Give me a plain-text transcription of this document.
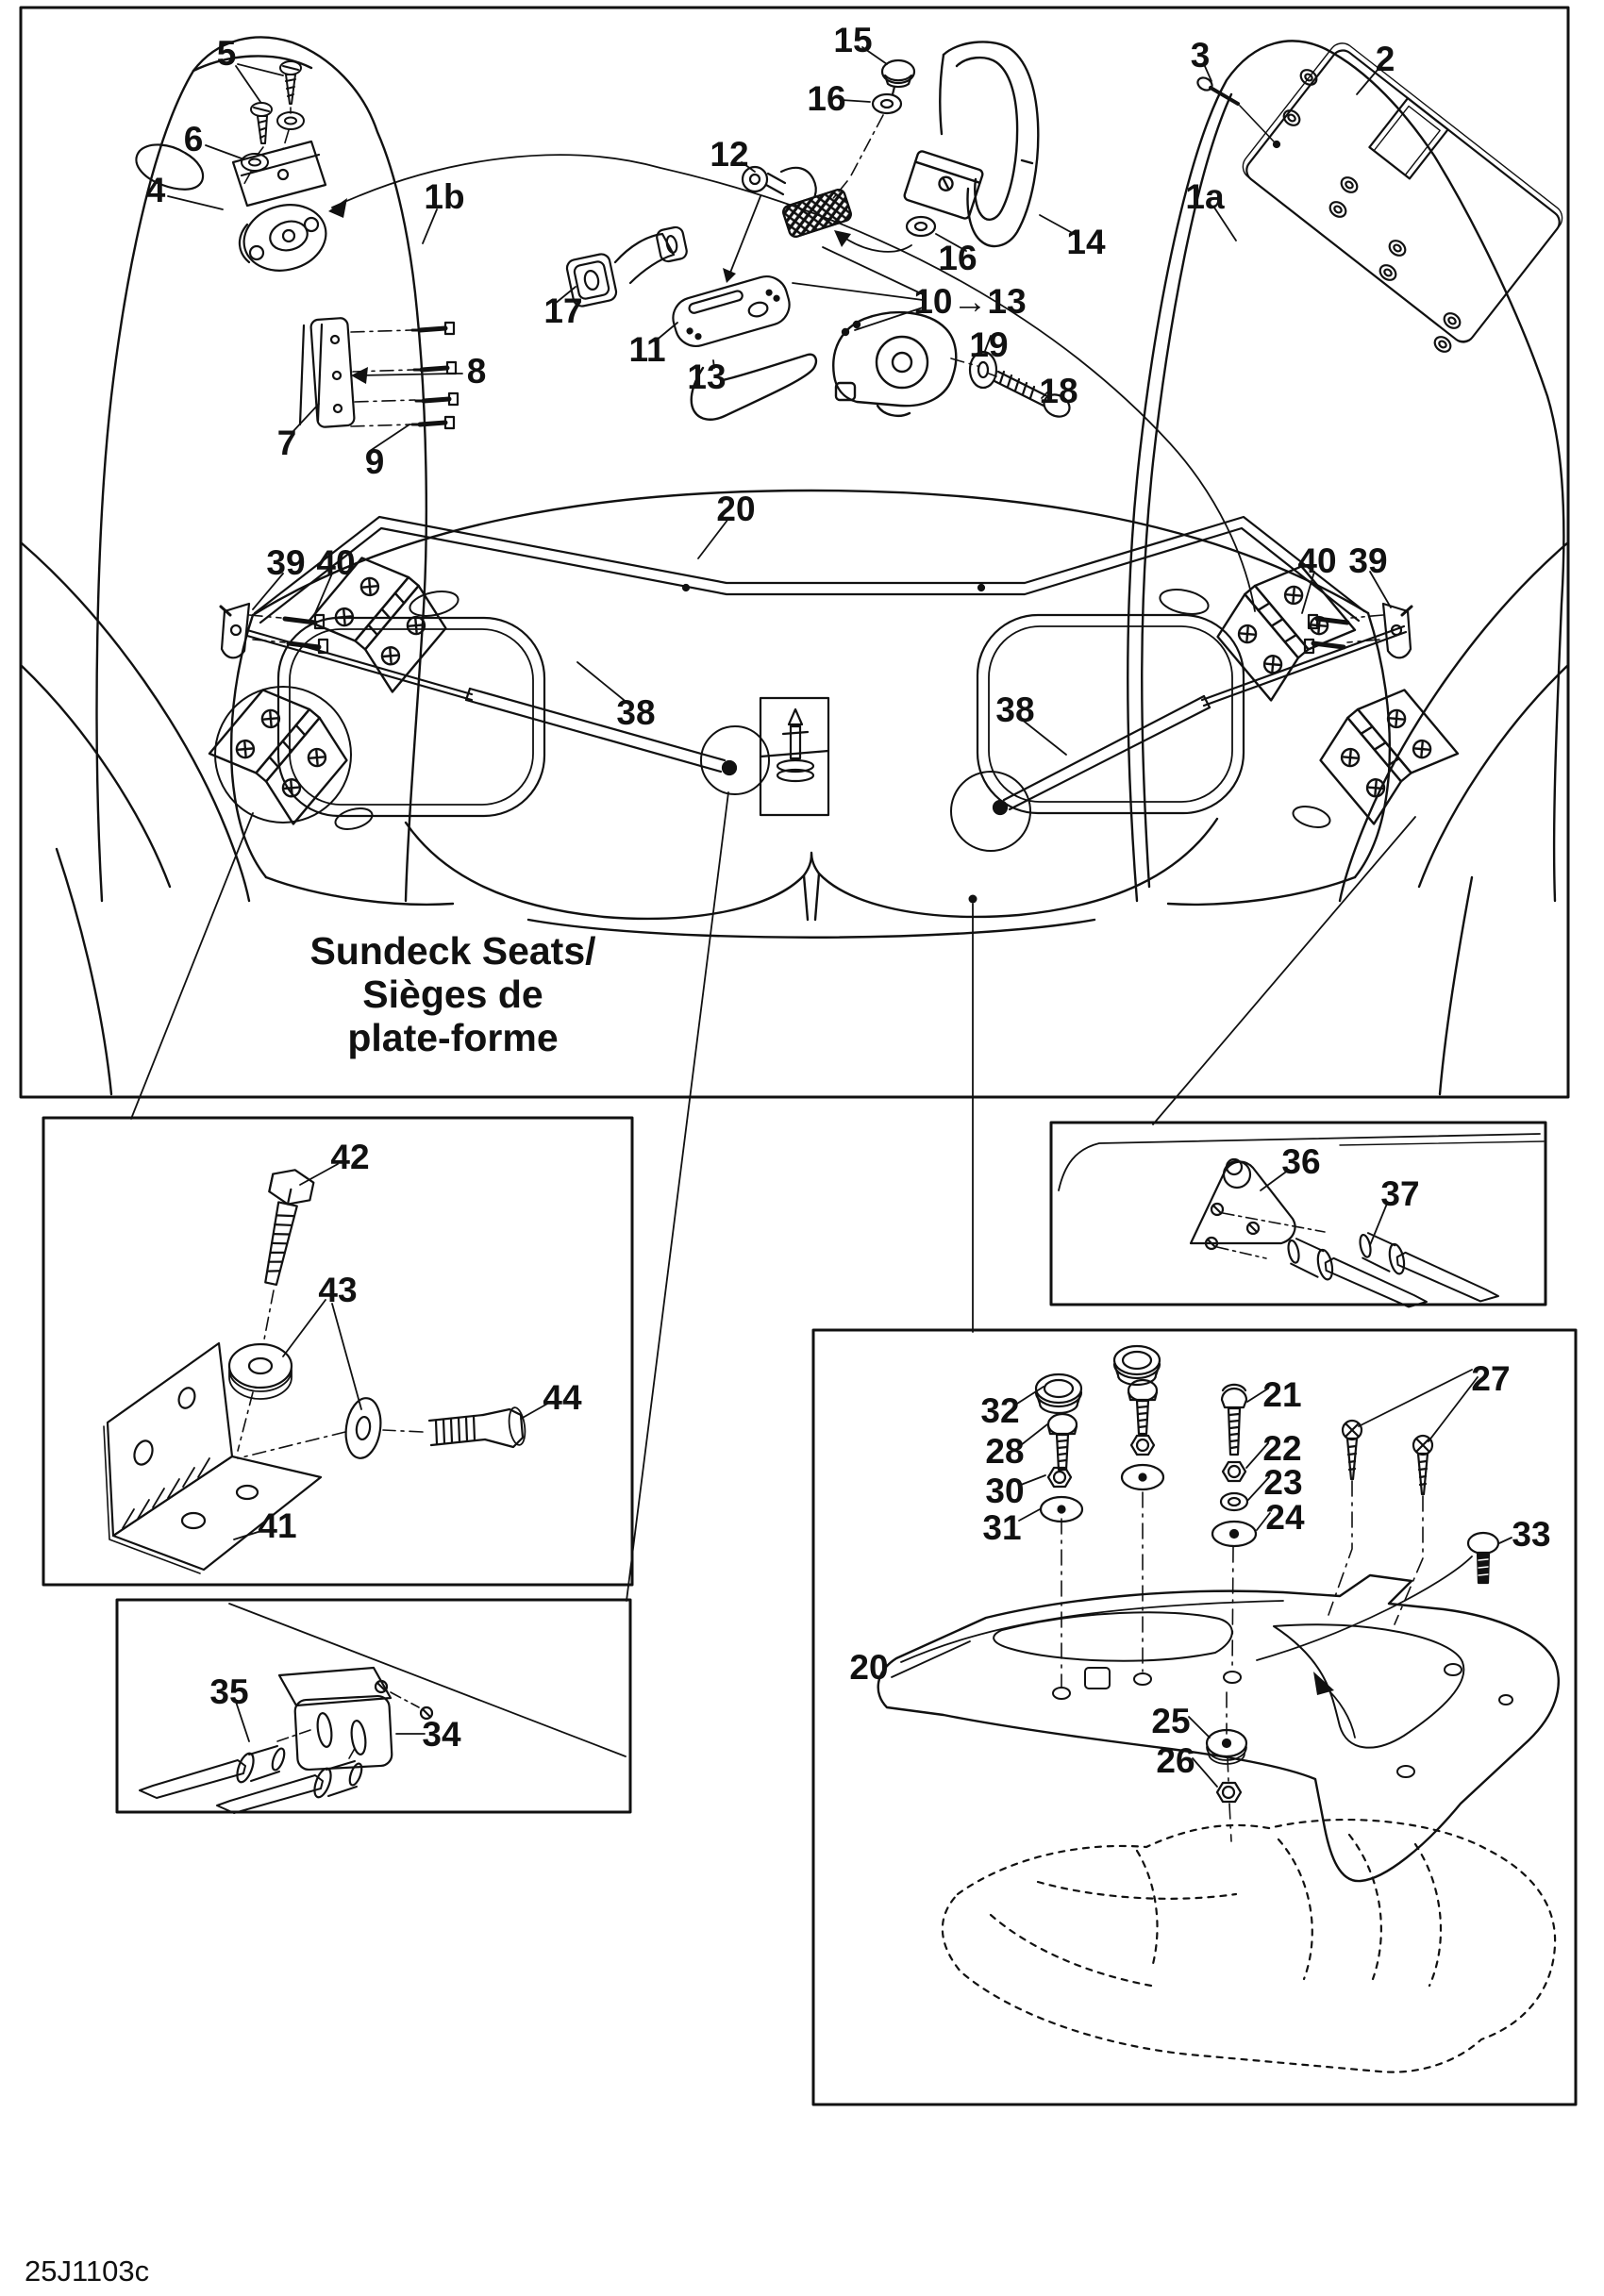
Sundeck Seats/
Sièges de
plate-forme
5
6
4	1b
17
7
8
9
12
15
16
16	14
11
13
10→13
19
18
3	2
1a
20
39 40	40 39
38	38
42
43
44
41
35
34
36
37
32
28
30
31
21
22
23
24
27
33
20
25
26
25J1103c
